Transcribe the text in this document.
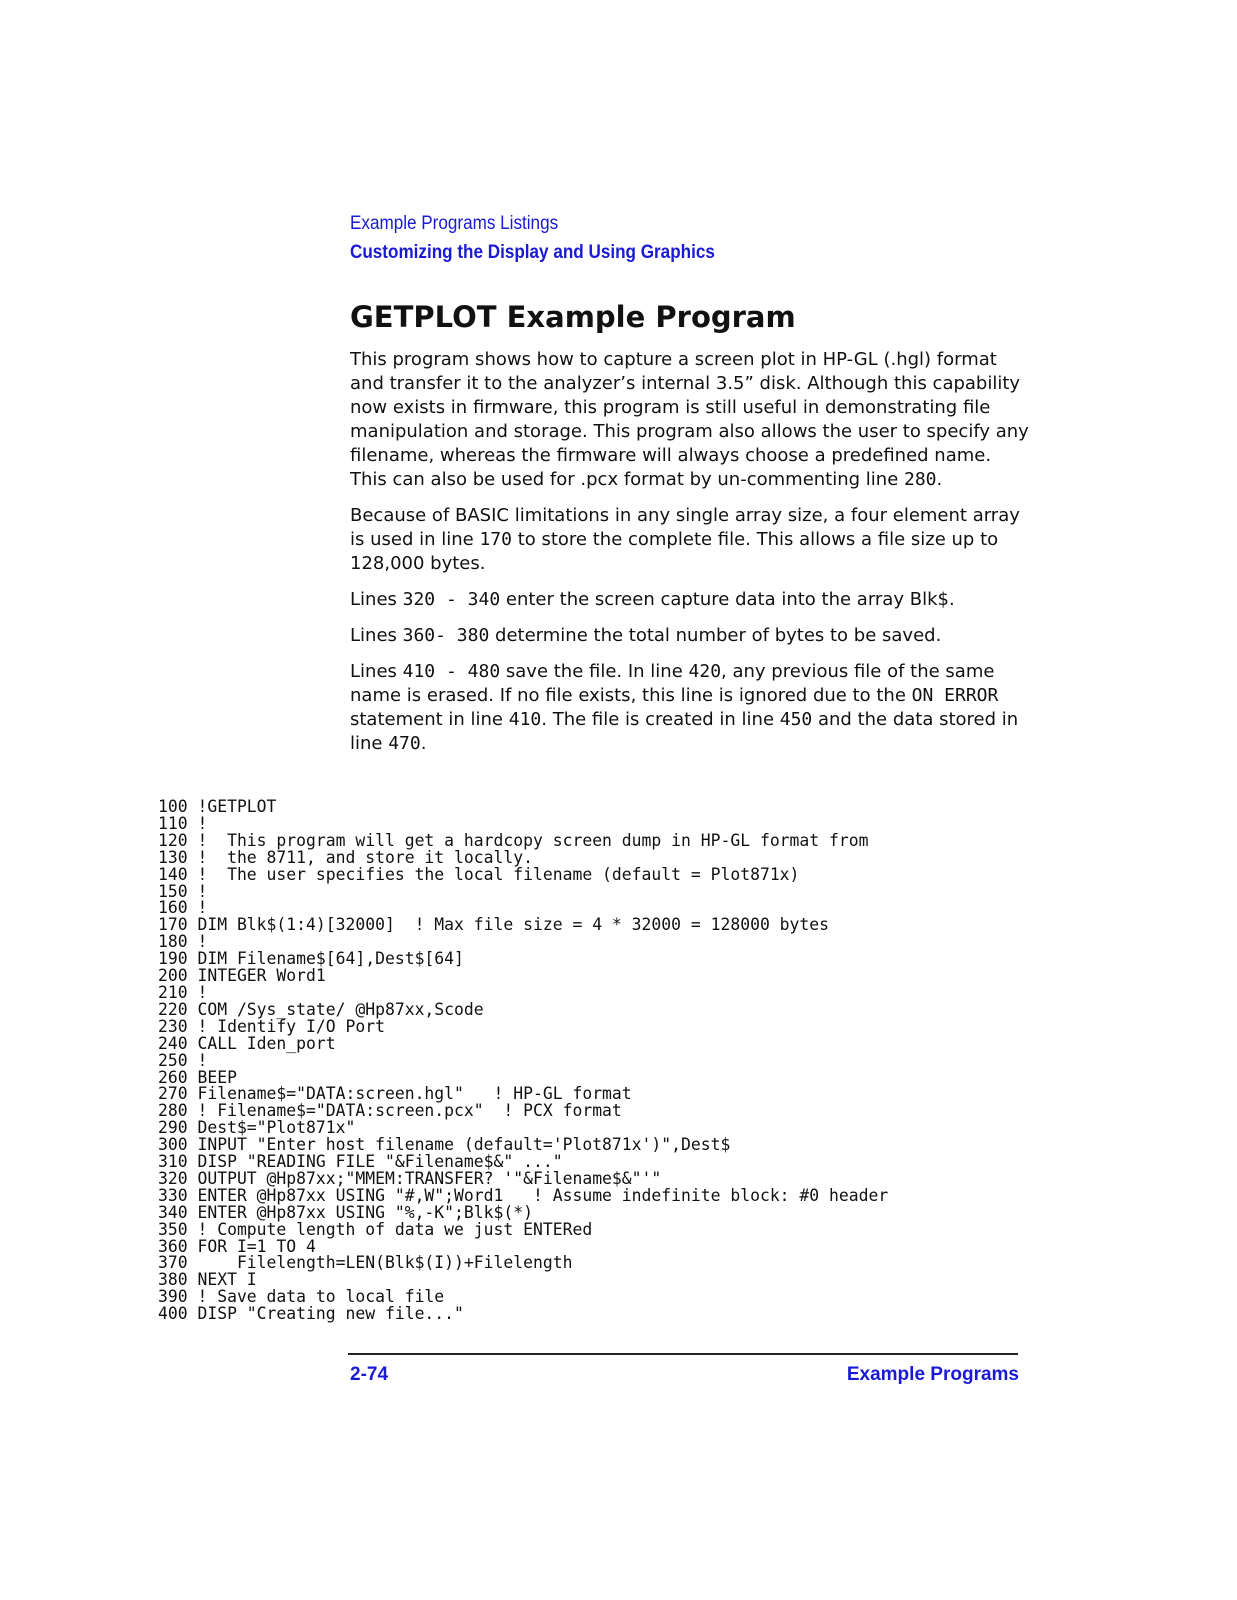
Example Programs Listings
Customizing the Display and Using Graphics
GETPLOT Example Program

This program shows how to capture a screen plot in HP-GL (.hgl) format and transfer it to the analyzer’s internal 3.5” disk. Although this capability now exists in firmware, this program is still useful in demonstrating file manipulation and storage. This program also allows the user to specify any filename, whereas the firmware will always choose a predefined name. This can also be used for .pcx format by un-commenting line 280.

Because of BASIC limitations in any single array size, a four element array is used in line 170 to store the complete file. This allows a file size up to 128,000 bytes.

Lines 320 - 340 enter the screen capture data into the array Blk$.

Lines 360- 380 determine the total number of bytes to be saved.

Lines 410 - 480 save the file. In line 420, any previous file of the same name is erased. If no file exists, this line is ignored due to the ON ERROR statement in line 410. The file is created in line 450 and the data stored in line 470.

100 !GETPLOT
110 !
120 !  This program will get a hardcopy screen dump in HP-GL format from
130 !  the 8711, and store it locally.
140 !  The user specifies the local filename (default = Plot871x)
150 !
160 !
170 DIM Blk$(1:4)[32000]  ! Max file size = 4 * 32000 = 128000 bytes
180 !
190 DIM Filename$[64],Dest$[64]
200 INTEGER Word1
210 !
220 COM /Sys_state/ @Hp87xx,Scode
230 ! Identify I/O Port
240 CALL Iden_port
250 !
260 BEEP
270 Filename$="DATA:screen.hgl"   ! HP-GL format
280 ! Filename$="DATA:screen.pcx"  ! PCX format
290 Dest$="Plot871x"
300 INPUT "Enter host filename (default='Plot871x')",Dest$
310 DISP "READING FILE "&Filename$&" ..."
320 OUTPUT @Hp87xx;"MMEM:TRANSFER? '"&Filename$&"'"
330 ENTER @Hp87xx USING "#,W";Word1   ! Assume indefinite block: #0 header
340 ENTER @Hp87xx USING "%,-K";Blk$(*)
350 ! Compute length of data we just ENTERed
360 FOR I=1 TO 4
370     Filelength=LEN(Blk$(I))+Filelength
380 NEXT I
390 ! Save data to local file
400 DISP "Creating new file..."
2-74	Example Programs
